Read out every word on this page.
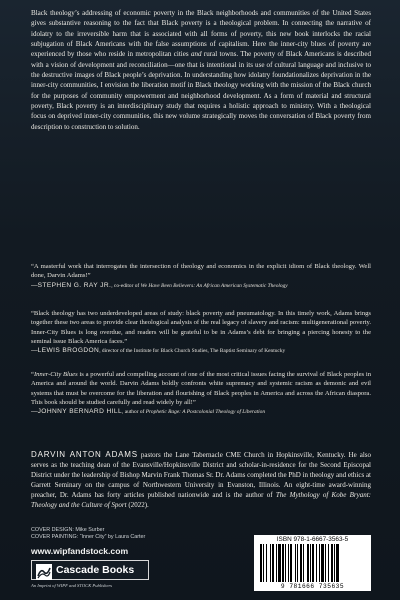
Black theology’s addressing of economic poverty in the Black neighborhoods and communities of the United States gives substantive reasoning to the fact that Black poverty is a theological problem. In connecting the narrative of idolatry to the irreversible harm that is associated with all forms of poverty, this new book interlocks the racial subjugation of Black Americans with the false assumptions of capitalism. Here the inner-city blues of poverty are experienced by those who reside in metropolitan cities and rural towns. The poverty of Black Americans is described with a vision of development and reconciliation—one that is intentional in its use of cultural language and inclusive to the destructive images of Black people’s deprivation. In understanding how idolatry foundationalizes deprivation in the inner-city communities, I envision the liberation motif in Black theology working with the mission of the Black church for the purposes of community empowerment and neighborhood development. As a form of material and structural poverty, Black poverty is an interdisciplinary study that requires a holistic approach to ministry. With a theological focus on deprived inner-city communities, this new volume strategically moves the conversation of Black poverty from description to construction to solution.
“A masterful work that interrogates the intersection of theology and economics in the explicit idiom of Black theology. Well done, Darvin Adams!”
—STEPHEN G. RAY JR., co-editor of We Have Been Believers: An African American Systematic Theology
“Black theology has two underdeveloped areas of study: black poverty and pneumatology. In this timely work, Adams brings together these two areas to provide clear theological analysis of the real legacy of slavery and racism: multigenerational poverty. Inner-City Blues is long overdue, and readers will be grateful to be in Adams’s debt for bringing a piercing honesty to the seminal issue Black America faces.”
—LEWIS BROGDON, director of the Institute for Black Church Studies, The Baptist Seminary of Kentucky
“Inner-City Blues is a powerful and compelling account of one of the most critical issues facing the survival of Black peoples in America and around the world. Darvin Adams boldly confronts white supremacy and systemic racism as demonic and evil systems that must be overcome for the liberation and flourishing of Black peoples in America and across the African diaspora. This book should be studied carefully and read widely by all!”
—JOHNNY BERNARD HILL, author of Prophetic Rage: A Postcolonial Theology of Liberation
DARVIN ANTON ADAMS pastors the Lane Tabernacle CME Church in Hopkinsville, Kentucky. He also serves as the teaching dean of the Evansville/Hopkinsville District and scholar-in-residence for the Second Episcopal District under the leadership of Bishop Marvin Frank Thomas Sr. Dr. Adams completed the PhD in theology and ethics at Garrett Seminary on the campus of Northwestern University in Evanston, Illinois. An eight-time award-winning preacher, Dr. Adams has forty articles published nationwide and is the author of The Mythology of Kobe Bryant: Theology and the Culture of Sport (2022).
COVER DESIGN: Mike Surber
COVER PAINTING: “Inner City” by Laura Carter
www.wipfandstock.com
Cascade Books
An Imprint of WIPF and STOCK Publishers
ISBN 978-1-6667-3563-5
9 781666 735635
